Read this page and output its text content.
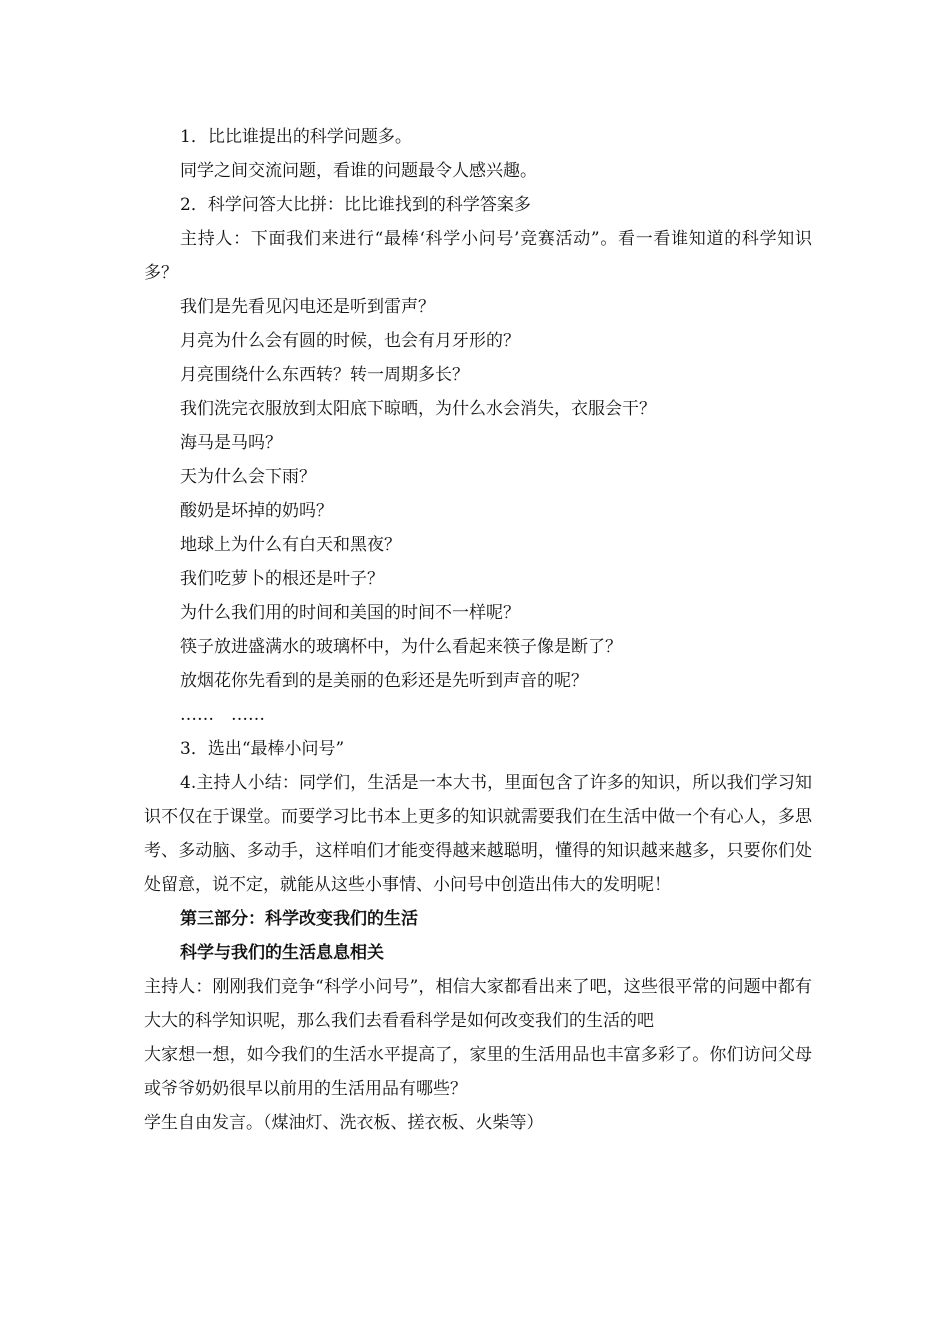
1．比比谁提出的科学问题多。

同学之间交流问题，看谁的问题最令人感兴趣。

2．科学问答大比拼：比比谁找到的科学答案多

主持人：下面我们来进行“最棒‘科学小问号’竞赛活动”。看一看谁知道的科学知识多？

我们是先看见闪电还是听到雷声？

月亮为什么会有圆的时候，也会有月牙形的？

月亮围绕什么东西转？转一周期多长？

我们洗完衣服放到太阳底下晾晒，为什么水会消失，衣服会干？

海马是马吗？

天为什么会下雨？

酸奶是坏掉的奶吗？

地球上为什么有白天和黑夜？

我们吃萝卜的根还是叶子？

为什么我们用的时间和美国的时间不一样呢？

筷子放进盛满水的玻璃杯中，为什么看起来筷子像是断了？

放烟花你先看到的是美丽的色彩还是先听到声音的呢？

……　……

3．选出“最棒小问号”

4.主持人小结：同学们，生活是一本大书，里面包含了许多的知识，所以我们学习知识不仅在于课堂。而要学习比书本上更多的知识就需要我们在生活中做一个有心人，多思考、多动脑、多动手，这样咱们才能变得越来越聪明，懂得的知识越来越多，只要你们处处留意，说不定，就能从这些小事情、小问号中创造出伟大的发明呢！

第三部分：科学改变我们的生活

科学与我们的生活息息相关

主持人：刚刚我们竞争“科学小问号”，相信大家都看出来了吧，这些很平常的问题中都有大大的科学知识呢，那么我们去看看科学是如何改变我们的生活的吧

大家想一想，如今我们的生活水平提高了，家里的生活用品也丰富多彩了。你们访问父母或爷爷奶奶很早以前用的生活用品有哪些？

学生自由发言。（煤油灯、洗衣板、搓衣板、火柴等）
